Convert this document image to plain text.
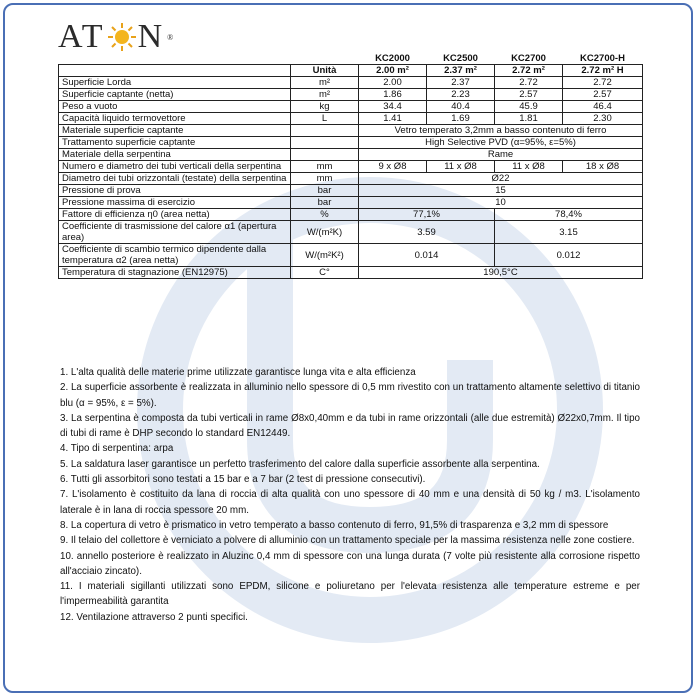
AT N ®
		KC2000	KC2500	KC2700	KC2700-H
	Unità	2.00 m²	2.37 m²	2.72 m²	2.72 m² H
Superficie Lorda	m²	2.00	2.37	2.72	2.72
Superficie captante (netta)	m²	1.86	2.23	2.57	2.57
Peso a vuoto	kg	34.4	40.4	45.9	46.4
Capacità liquido termovettore	L	1.41	1.69	1.81	2.30
Materiale superficie captante		Vetro temperato 3,2mm a basso contenuto di ferro			
Trattamento superficie captante		High Selective PVD (α=95%, ε=5%)			
Materiale della serpentina		Rame			
Numero e diametro dei tubi verticali della serpentina	mm	9 x Ø8	11 x Ø8	11 x Ø8	18 x Ø8
Diametro dei tubi orizzontali (testate) della serpentina	mm	Ø22			
Pressione di prova	bar	15			
Pressione massima di esercizio	bar	10			
Fattore di efficienza η0 (area netta)	%	77,1%		78,4%	
Coefficiente di trasmissione del calore α1 (apertura area)	W/(m²K)	3.59		3.15	
Coefficiente di scambio termico dipendente dalla temperatura α2 (area netta)	W/(m²K²)	0.014		0.012	
Temperatura di stagnazione (EN12975)	C°	190,5°C			

1. L'alta qualità delle materie prime utilizzate garantisce lunga vita e alta efficienza

2. La superficie assorbente è realizzata in alluminio nello spessore di 0,5 mm rivestito con un trattamento altamente selettivo di titanio blu (α = 95%, ε = 5%).

3. La serpentina è composta da tubi verticali in rame Ø8x0,40mm e da tubi in rame orizzontali (alle due estremità) Ø22x0,7mm. Il tipo di tubi di rame è DHP secondo lo standard EN12449.

4. Tipo di serpentina: arpa

5. La saldatura laser garantisce un perfetto trasferimento del calore dalla superficie assorbente alla serpentina.

6. Tutti gli assorbitori sono testati a 15 bar e a 7 bar (2 test di pressione consecutivi).

7. L'isolamento è costituito da lana di roccia di alta qualità con uno spessore di 40 mm e una densità di 50 kg / m3. L'isolamento laterale è in lana di roccia spessore 20 mm.

8. La copertura di vetro è prismatico in vetro temperato a basso contenuto di ferro, 91,5% di trasparenza e 3,2 mm di spessore

9. Il telaio del collettore è verniciato a polvere di alluminio con un trattamento speciale per la massima resistenza nelle zone costiere.

10. annello posteriore è realizzato in Aluzinc 0,4 mm di spessore con una lunga durata (7 volte più resistente alla corrosione rispetto all'acciaio zincato).

11. I materiali sigillanti utilizzati sono EPDM, silicone e poliuretano per l'elevata resistenza alle temperature estreme e per l'impermeabilità garantita

12. Ventilazione attraverso 2 punti specifici.
